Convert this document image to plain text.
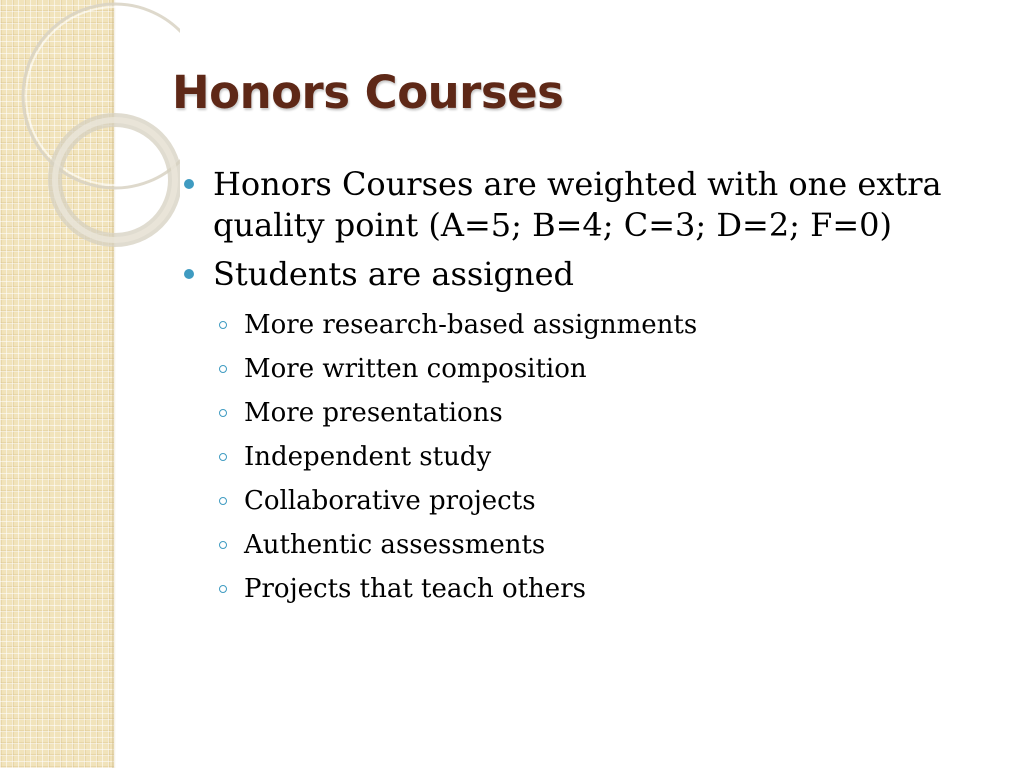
Honors Courses
Honors Courses are weighted with one extra quality point (A=5; B=4; C=3; D=2; F=0)
Students are assigned
More research-based assignments
More written composition
More presentations
Independent study
Collaborative projects
Authentic assessments
Projects that teach others
